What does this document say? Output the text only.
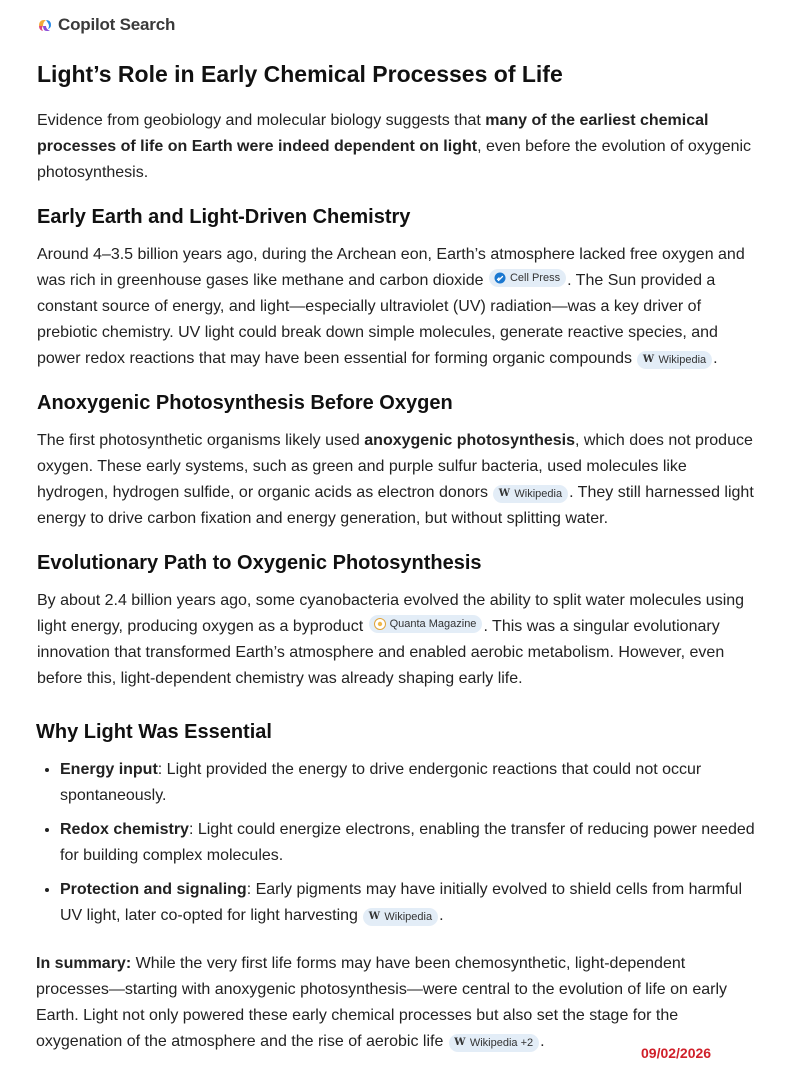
Copilot Search
Light’s Role in Early Chemical Processes of Life

Evidence from geobiology and molecular biology suggests that many of the earliest chemical processes of life on Earth were indeed dependent on light, even before the evolution of oxygenic photosynthesis.

Early Earth and Light-Driven Chemistry

Around 4–3.5 billion years ago, during the Archean eon, Earth’s atmosphere lacked free oxygen and was rich in greenhouse gases like methane and carbon dioxide Cell Press . The Sun provided a constant source of energy, and light—especially ultraviolet (UV) radiation—was a key driver of prebiotic chemistry. UV light could break down simple molecules, generate reactive species, and power redox reactions that may have been essential for forming organic compounds W Wikipedia .

Anoxygenic Photosynthesis Before Oxygen

The first photosynthetic organisms likely used anoxygenic photosynthesis, which does not produce oxygen. These early systems, such as green and purple sulfur bacteria, used molecules like hydrogen, hydrogen sulfide, or organic acids as electron donors W Wikipedia . They still harnessed light energy to drive carbon fixation and energy generation, but without splitting water.

Evolutionary Path to Oxygenic Photosynthesis

By about 2.4 billion years ago, some cyanobacteria evolved the ability to split water molecules using light energy, producing oxygen as a byproduct Quanta Magazine . This was a singular evolutionary innovation that transformed Earth’s atmosphere and enabled aerobic metabolism. However, even before this, light-dependent chemistry was already shaping early life.

Why Light Was Essential
• Energy input: Light provided the energy to drive endergonic reactions that could not occur spontaneously.
• Redox chemistry: Light could energize electrons, enabling the transfer of reducing power needed for building complex molecules.
• Protection and signaling: Early pigments may have initially evolved to shield cells from harmful UV light, later co-opted for light harvesting W Wikipedia .

In summary: While the very first life forms may have been chemosynthetic, light-dependent processes—starting with anoxygenic photosynthesis—were central to the evolution of life on early Earth. Light not only powered these early chemical processes but also set the stage for the oxygenation of the atmosphere and the rise of aerobic life W Wikipedia +2 .

09/02/2026
